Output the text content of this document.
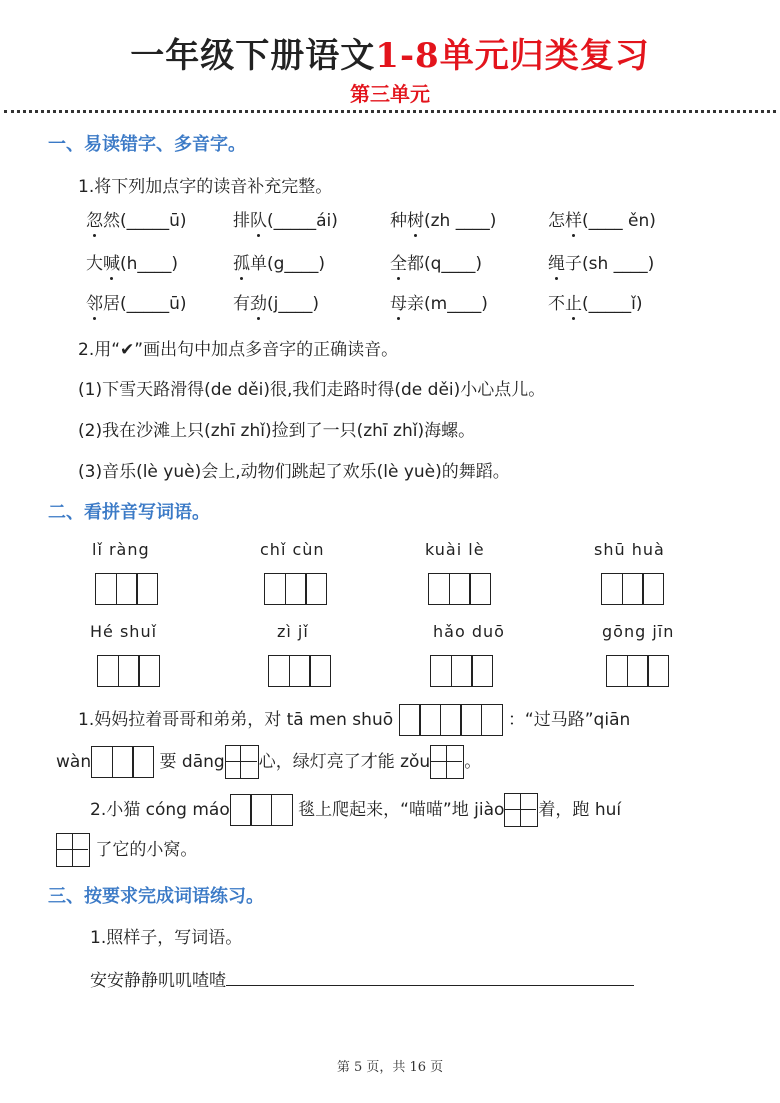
一年级下册语文1-8单元归类复习
第三单元
一、易读错字、多音字。
1.将下列加点字的读音补充完整。
忽然(_____ū)	排队(_____ái)	种树(zh ____)	怎样(____ ěn)
大喊(h____)	孤单(g____)	全都(q____)	绳子(sh ____)
邻居(_____ū)	有劲(j____)	母亲(m____)	不止(_____ǐ)
2.用“✔”画出句中加点多音字的正确读音。
(1)下雪天路滑得(de děi)很,我们走路时得(de děi)小心点儿。
(2)我在沙滩上只(zhī zhǐ)捡到了一只(zhī zhǐ)海螺。
(3)音乐(lè yuè)会上,动物们跳起了欢乐(lè yuè)的舞蹈。
二、看拼音写词语。
lǐ ràng	chǐ cùn	kuài lè	shū huà
Hé shuǐ	zì jǐ	hǎo duō	gōng jīn
1.妈妈拉着哥哥和弟弟，对 tā men shuō	：“过马路”qiān
wàn	要 dāng 心，绿灯亮了才能 zǒu 。
2.小猫 cóng máo	毯上爬起来，“喵喵”地 jiào 着，跑 huí
了它的小窝。
三、按要求完成词语练习。
1.照样子，写词语。
安安静静叽叽喳喳
第 5 页，共 16 页
